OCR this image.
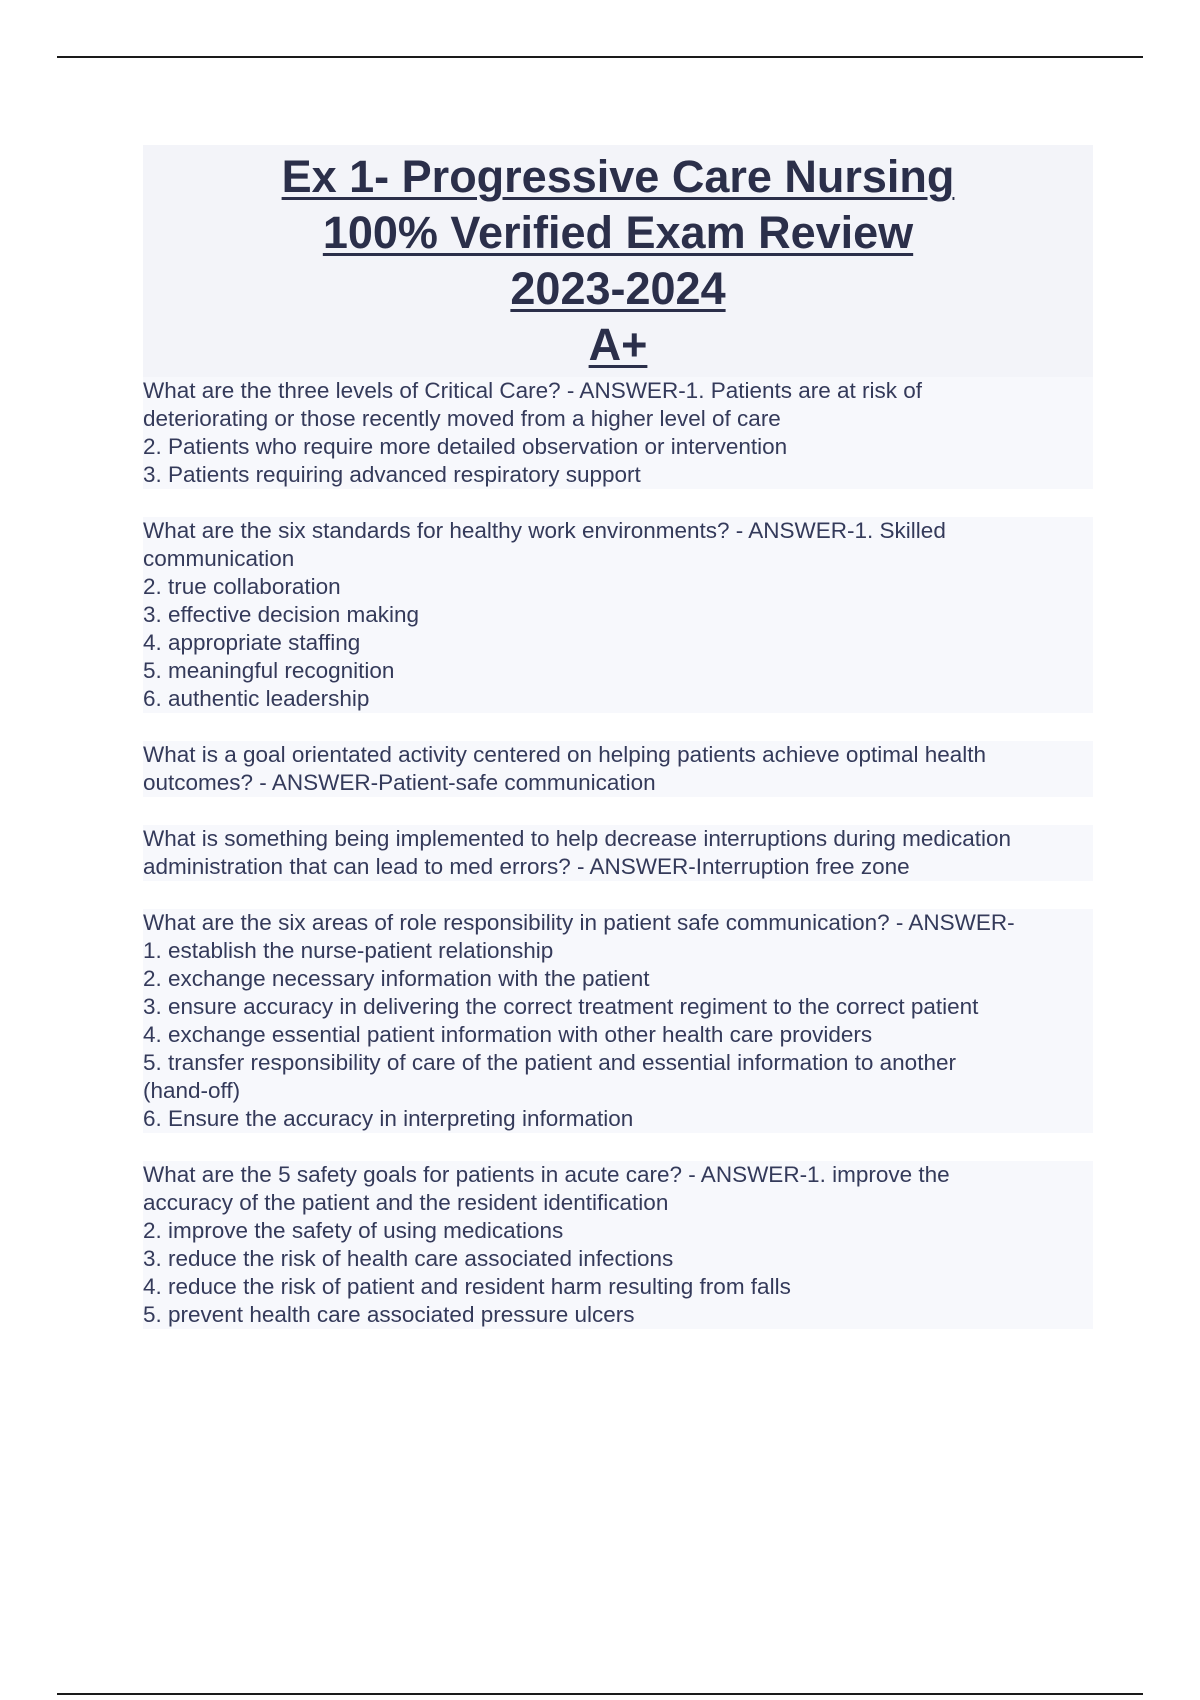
Ex 1- Progressive Care Nursing
100% Verified Exam Review
2023-2024
A+
What are the three levels of Critical Care? - ANSWER-1. Patients are at risk of
deteriorating or those recently moved from a higher level of care
2. Patients who require more detailed observation or intervention
3. Patients requiring advanced respiratory support
What are the six standards for healthy work environments? - ANSWER-1. Skilled
communication
2. true collaboration
3. effective decision making
4. appropriate staffing
5. meaningful recognition
6. authentic leadership
What is a goal orientated activity centered on helping patients achieve optimal health
outcomes? - ANSWER-Patient-safe communication
What is something being implemented to help decrease interruptions during medication
administration that can lead to med errors? - ANSWER-Interruption free zone
What are the six areas of role responsibility in patient safe communication? - ANSWER-
1. establish the nurse-patient relationship
2. exchange necessary information with the patient
3. ensure accuracy in delivering the correct treatment regiment to the correct patient
4. exchange essential patient information with other health care providers
5. transfer responsibility of care of the patient and essential information to another
(hand-off)
6. Ensure the accuracy in interpreting information
What are the 5 safety goals for patients in acute care? - ANSWER-1. improve the
accuracy of the patient and the resident identification
2. improve the safety of using medications
3. reduce the risk of health care associated infections
4. reduce the risk of patient and resident harm resulting from falls
5. prevent health care associated pressure ulcers
